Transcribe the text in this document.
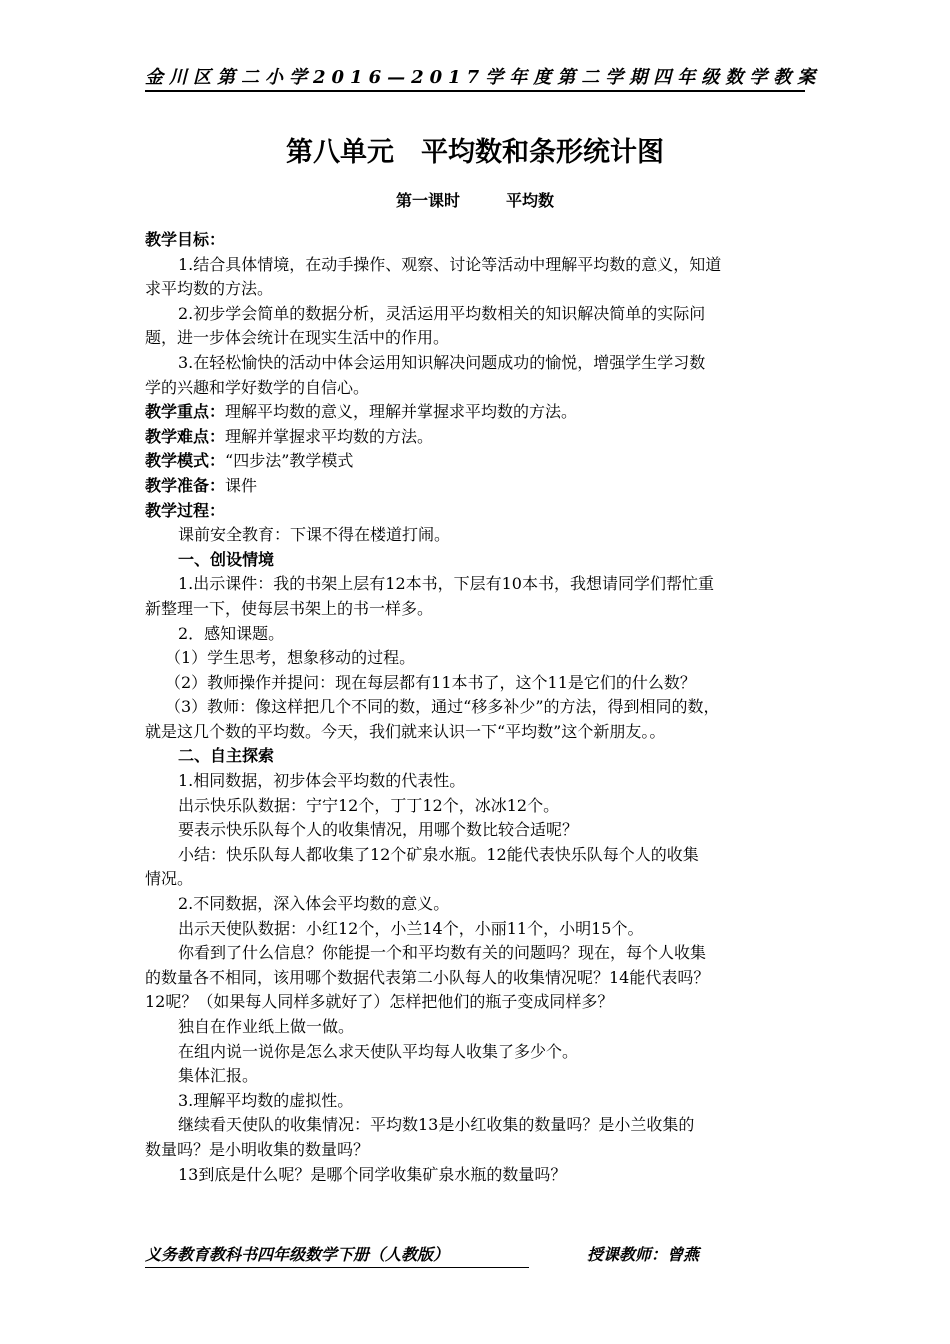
金川区第二小学2016—2017学年度第二学期四年级数学教案
第八单元　平均数和条形统计图
第一课时	平均数
教学目标：
1.结合具体情境，在动手操作、观察、讨论等活动中理解平均数的意义，知道
求平均数的方法。
2.初步学会简单的数据分析，灵活运用平均数相关的知识解决简单的实际问
题，进一步体会统计在现实生活中的作用。
3.在轻松愉快的活动中体会运用知识解决问题成功的愉悦，增强学生学习数
学的兴趣和学好数学的自信心。
教学重点：理解平均数的意义，理解并掌握求平均数的方法。
教学难点：理解并掌握求平均数的方法。
教学模式：“四步法”教学模式
教学准备：课件
教学过程：
课前安全教育：下课不得在楼道打闹。
一、创设情境
1.出示课件：我的书架上层有12本书，下层有10本书，我想请同学们帮忙重
新整理一下，使每层书架上的书一样多。
2．感知课题。
（1）学生思考，想象移动的过程。
（2）教师操作并提问：现在每层都有11本书了，这个11是它们的什么数？
（3）教师：像这样把几个不同的数，通过“移多补少”的方法，得到相同的数，
就是这几个数的平均数。今天，我们就来认识一下“平均数”这个新朋友。。
二、自主探索
1.相同数据，初步体会平均数的代表性。
出示快乐队数据：宁宁12个，丁丁12个，冰冰12个。
要表示快乐队每个人的收集情况，用哪个数比较合适呢？
小结：快乐队每人都收集了12个矿泉水瓶。12能代表快乐队每个人的收集
情况。
2.不同数据，深入体会平均数的意义。
出示天使队数据：小红12个，小兰14个，小丽11个，小明15个。
你看到了什么信息？你能提一个和平均数有关的问题吗？现在，每个人收集
的数量各不相同，该用哪个数据代表第二小队每人的收集情况呢？14能代表吗？
12呢？（如果每人同样多就好了）怎样把他们的瓶子变成同样多？
独自在作业纸上做一做。
在组内说一说你是怎么求天使队平均每人收集了多少个。
集体汇报。
3.理解平均数的虚拟性。
继续看天使队的收集情况：平均数13是小红收集的数量吗？是小兰收集的
数量吗？是小明收集的数量吗？
13到底是什么呢？是哪个同学收集矿泉水瓶的数量吗？
义务教育教科书四年级数学下册（人教版）	授课教师：曾燕
